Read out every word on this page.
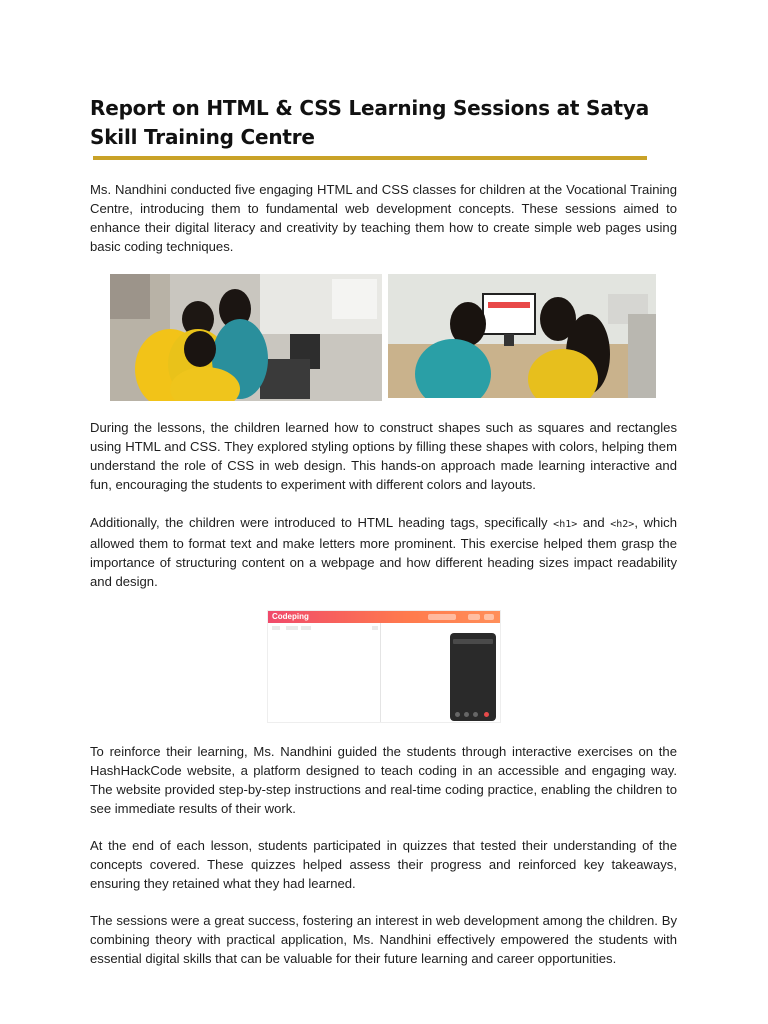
Report on HTML & CSS Learning Sessions at Satya Skill Training Centre

Ms. Nandhini conducted five engaging HTML and CSS classes for children at the Vocational Training Centre, introducing them to fundamental web development concepts. These sessions aimed to enhance their digital literacy and creativity by teaching them how to create simple web pages using basic coding techniques.

During the lessons, the children learned how to construct shapes such as squares and rectangles using HTML and CSS. They explored styling options by filling these shapes with colors, helping them understand the role of CSS in web design. This hands-on approach made learning interactive and fun, encouraging the students to experiment with different colors and layouts.

Additionally, the children were introduced to HTML heading tags, specifically <h1> and <h2>, which allowed them to format text and make letters more prominent. This exercise helped them grasp the importance of structuring content on a webpage and how different heading sizes impact readability and design.

Codeping

To reinforce their learning, Ms. Nandhini guided the students through interactive exercises on the HashHackCode website, a platform designed to teach coding in an accessible and engaging way. The website provided step-by-step instructions and real-time coding practice, enabling the children to see immediate results of their work.

At the end of each lesson, students participated in quizzes that tested their understanding of the concepts covered. These quizzes helped assess their progress and reinforced key takeaways, ensuring they retained what they had learned.

The sessions were a great success, fostering an interest in web development among the children. By combining theory with practical application, Ms. Nandhini effectively empowered the students with essential digital skills that can be valuable for their future learning and career opportunities.
